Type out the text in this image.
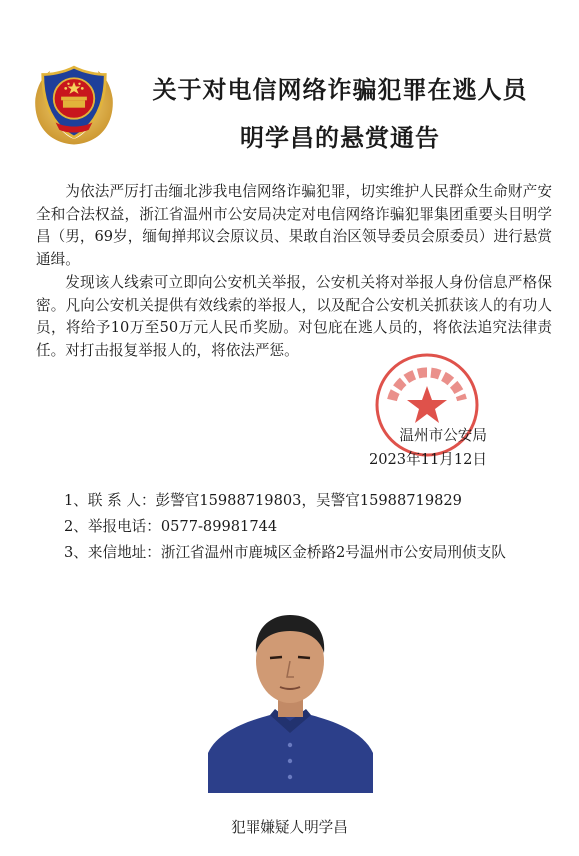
关于对电信网络诈骗犯罪在逃人员
明学昌的悬赏通告

为依法严厉打击缅北涉我电信网络诈骗犯罪，切实维护人民群众生命财产安全和合法权益，浙江省温州市公安局决定对电信网络诈骗犯罪集团重要头目明学昌（男，69岁，缅甸掸邦议会原议员、果敢自治区领导委员会原委员）进行悬赏通缉。

发现该人线索可立即向公安机关举报，公安机关将对举报人身份信息严格保密。凡向公安机关提供有效线索的举报人，以及配合公安机关抓获该人的有功人员，将给予10万至50万元人民币奖励。对包庇在逃人员的，将依法追究法律责任。对打击报复举报人的，将依法严惩。

温州市公安局
2023年11月12日
1、联 系 人：彭警官15988719803，吴警官15988719829
2、举报电话：0577-89981744
3、来信地址：浙江省温州市鹿城区金桥路2号温州市公安局刑侦支队
犯罪嫌疑人明学昌
